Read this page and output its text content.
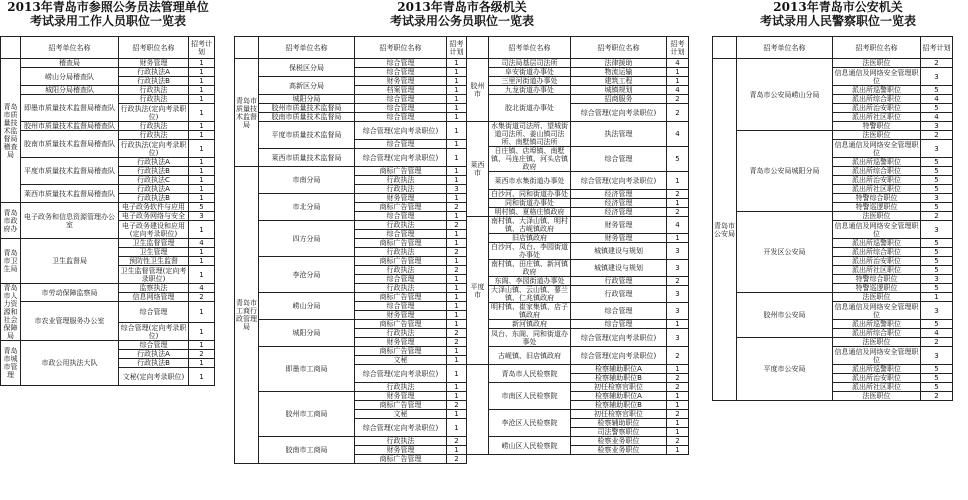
2013年青岛市参照公务员法管理单位
考试录用工作人员职位一览表
	招考单位名称	招考职位名称	招考计划
青岛市质量技术监督局稽查局	稽查局	财务管理	1
	崂山分局稽查队	行政执法A	1
		行政执法B	1
	城阳分局稽查队	行政执法	1
	即墨市质量技术监督局稽查队	行政执法	1
		行政执法(定向考录职位)	1
	胶州市质量技术监督局稽查队	行政执法	1
	胶南市质量技术监督局稽查队	行政执法	1
		行政执法(定向考录职位)	1
	平度市质量技术监督局稽查队	行政执法A	1
		行政执法B	1
		行政执法C	1
	莱西市质量技术监督局稽查队	行政执法A	1
		行政执法B	1
青岛市政府办	电子政务和信息资源管理办公室	电子政务软件与应用	5
		电子政务网络与安全	3
		电子政务建设和应用(定向考录职位)	1
青岛市卫生局	卫生监督局	卫生监督管理	4
		卫生管理	1
		预防性卫生监督	1
		卫生监督管理(定向考录职位)	1
青岛市人力资源和社会保障局	市劳动保障监察局	监察执法	4
		信息网络管理	2
	市农业管理服务办公室	综合管理	1
		综合管理(定向考录职位)	1
青岛市城市管理	市政公用执法大队	综合管理	1
		行政执法A	2
		行政执法B	1
		文秘(定向考录职位)	1
2013年青岛市各级机关
考试录用公务员职位一览表
	招考单位名称	招考职位名称	招考计划
青岛市质量技术监督局	保税区分局	综合管理	1
		综合管理	1
	高新区分局	财务管理	1
		档案管理	1
	城阳分局	综合管理	1
	胶州市质量技术监督局	综合管理	1
	胶南市质量技术监督局	综合管理	1
	平度市质量技术监督局	综合管理(定向考录职位)	1
		综合管理	1
	莱西市质量技术监督局	综合管理(定向考录职位)	1
青岛市工商行政管理局	市南分局	商标广告管理	1
		行政执法	1
		行政执法	3
	市北分局	财务管理	1
		商标广告管理	2
		综合管理	1
	四方分局	行政执法	2
		综合管理	1
		商标广告管理	1
		行政执法	2
	李沧分局	商标广告管理	1
		行政执法	2
		综合管理	1
		行政执法	1
	崂山分局	商标广告管理	1
		综合管理	1
		财务管理	1
	城阳分局	商标广告管理	1
		行政执法	2
		财务管理	2
	即墨市工商局	商标广告管理	1
		文秘	1
		综合管理(定向考录职位)	1
		行政执法	1
	胶州市工商局	财务管理	1
		商标广告管理	2
		文秘	1
		综合管理(定向考录职位)	1
	胶南市工商局	行政执法	2
		财务管理	1
		商标广告管理	2
	招考单位名称	招考职位名称	招考计划
胶州市	司法局基层司法所	法律援助	4
	阜安街道办事处	物流运输	1
	三里河街道办事处	建筑工程	1
	九龙街道办事处	城镇规划	4
	胶北街道办事处	招商服务	2
		综合管理(定向考录职位)	2
莱西市	水集街道司法所、望城街道司法所、姜山镇司法所、南墅镇司法所	执法管理	4
	日庄镇、店埠镇、南墅镇、马连庄镇、河头店镇政府	综合管理	5
	莱西市水集街道办事处	综合管理(定向考录职位)	1
	白沙河、同和街道办事处	经济管理	2
	同和街道办事处	经济管理	1
	明村镇、夏格庄镇政府	经济管理	2
平度市	南村镇、大泽山镇、明村镇、古岘镇政府	财务管理	4
	旧店镇政府	财务管理	1
	白沙河、凤台、李园街道办事处	城镇建设与规划	3
	南村镇、田庄镇、新河镇政府	城镇建设与规划	3
	东阁、李园街道办事处	行政管理	2
	大泽山镇、云山镇、蓼兰镇、仁兆镇政府	行政管理	3
	明村镇、崔家集镇、店子镇政府	综合管理	3
	新河镇政府	综合管理	1
	凤台、东阁、同和街道办事处	综合管理(定向考录职位)	3
	古岘镇、旧店镇政府	综合管理(定向考录职位)	2
	青岛市人民检察院	检察辅助职位A	1
		检察辅助职位B	2
	市南区人民检察院	初任检察官职位	2
		检察辅助职位A	1
		检察辅助职位B	1
	李沧区人民检察院	初任检察官职位	2
		检察辅助职位	1
		司法警察职位	1
	崂山区人民检察院	检察业务职位	2
		检察业务职位	1
2013年青岛市公安机关
考试录用人民警察职位一览表
	招考单位名称	招考职位名称	招考计划
青岛市公安局	青岛市公安局崂山分局	法医职位	2
		信息通信及网络安全管理职位	3
		派出所巡警职位	5
		派出所综合职位	4
		派出所治安职位	5
		派出所社区职位	4
		特警职位	3
	青岛市公安局城阳分局	法医职位	2
		信息通信及网络安全管理职位	3
		派出所巡警职位	5
		派出所综合职位	5
		派出所治安职位	5
		派出所社区职位	5
		特警综合职位	3
		特警巡逻职位	5
	开发区公安局	法医职位	2
		信息通信及网络安全管理职位	3
		派出所巡警职位	5
		派出所综合职位	5
		派出所治安职位	5
		派出所社区职位	5
		特警综合职位	3
		特警巡逻职位	5
	胶州市公安局	法医职位	1
		信息通信及网络安全管理职位	3
		派出所巡警职位	5
		派出所综合职位	4
	平度市公安局	法医职位	2
		信息通信及网络安全管理职位	3
		派出所巡警职位	5
		派出所治安职位	5
		派出所社区职位	5
		法医职位	2
